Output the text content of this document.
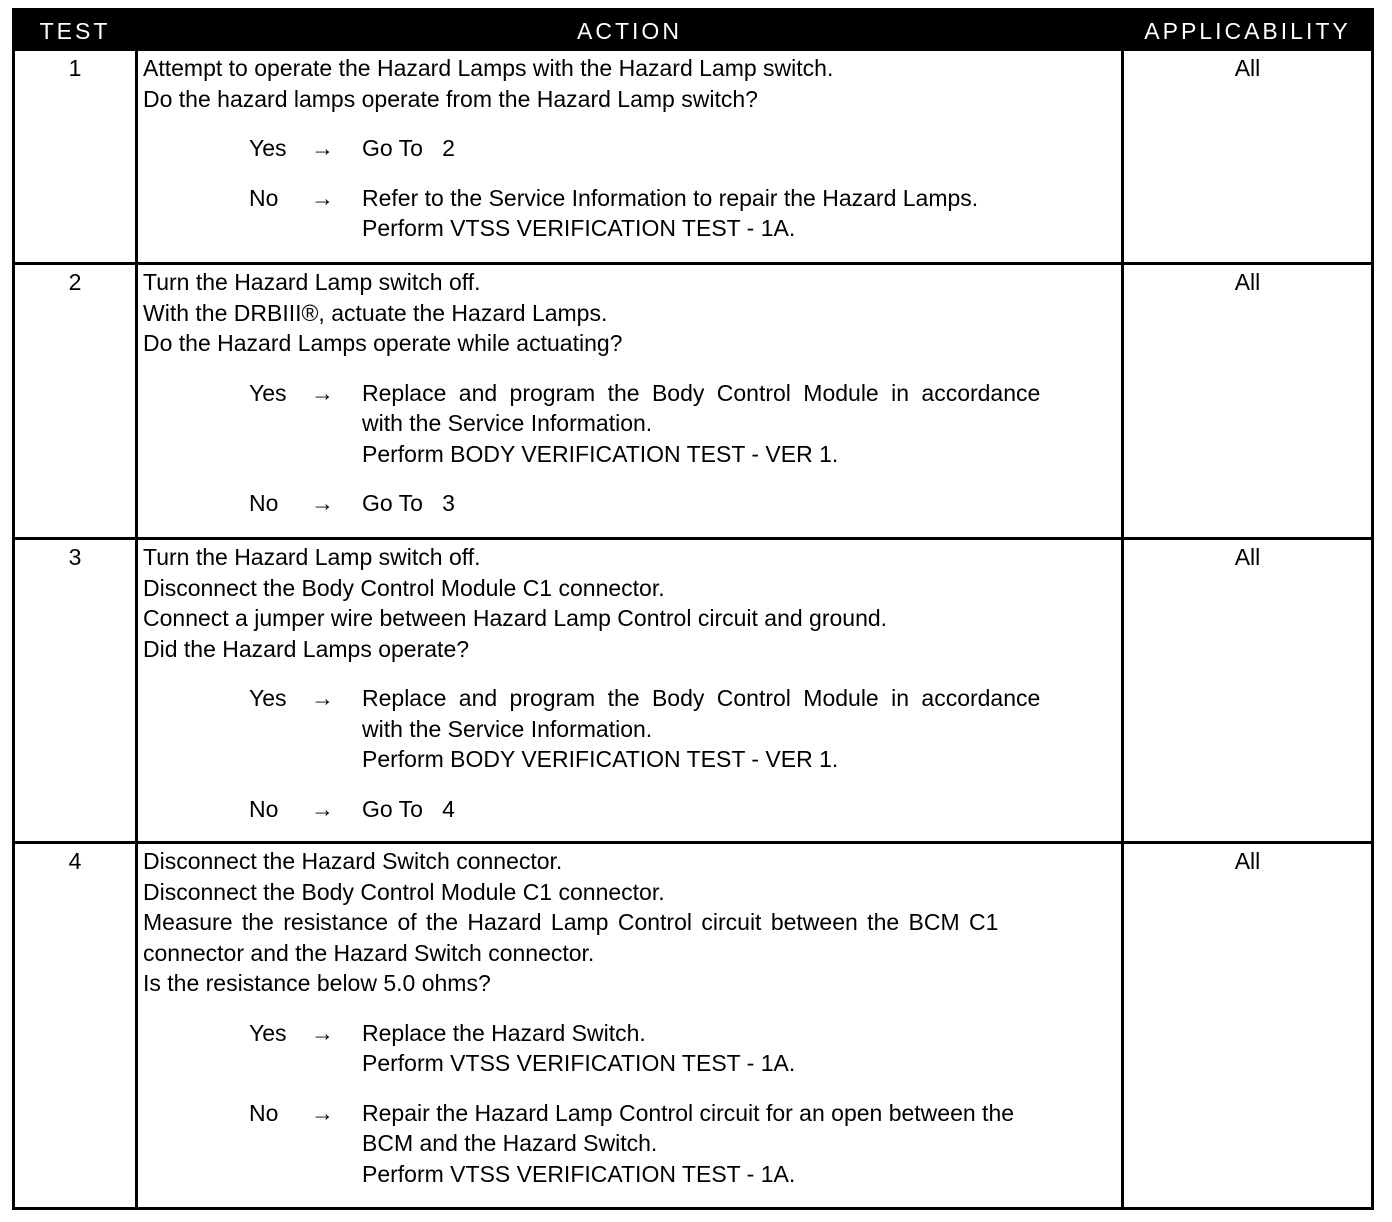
TEST	ACTION	APPLICABILITY
1	Attempt to operate the Hazard Lamps with the Hazard Lamp switch.

Do the hazard lamps operate from the Hazard Lamp switch?

Yes → Go To   2

No → Refer to the Service Information to repair the Hazard Lamps.

Perform VTSS VERIFICATION TEST - 1A.

All
2	Turn the Hazard Lamp switch off.

With the DRBIII®, actuate the Hazard Lamps.

Do the Hazard Lamps operate while actuating?

Yes → Replace and program the Body Control Module in accordance

with the Service Information.

Perform BODY VERIFICATION TEST - VER 1.

No → Go To   3

All
3	Turn the Hazard Lamp switch off.

Disconnect the Body Control Module C1 connector.

Connect a jumper wire between Hazard Lamp Control circuit and ground.

Did the Hazard Lamps operate?

Yes → Replace and program the Body Control Module in accordance

with the Service Information.

Perform BODY VERIFICATION TEST - VER 1.

No → Go To   4

All
4	Disconnect the Hazard Switch connector.

Disconnect the Body Control Module C1 connector.

Measure the resistance of the Hazard Lamp Control circuit between the BCM C1

connector and the Hazard Switch connector.

Is the resistance below 5.0 ohms?

Yes → Replace the Hazard Switch.

Perform VTSS VERIFICATION TEST - 1A.

No → Repair the Hazard Lamp Control circuit for an open between the

BCM and the Hazard Switch.

Perform VTSS VERIFICATION TEST - 1A.

All
